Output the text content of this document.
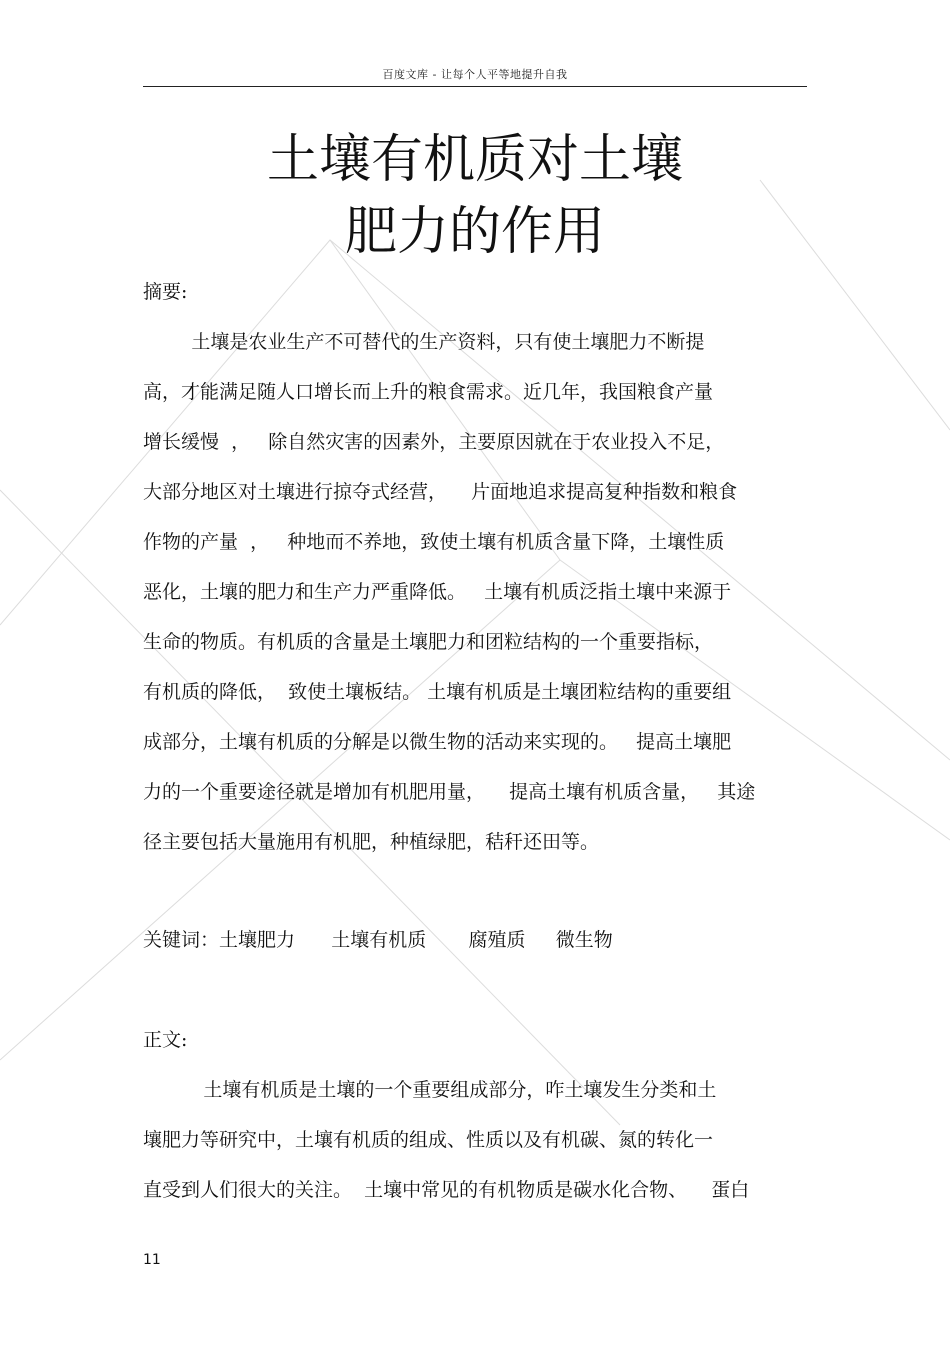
百度文库 - 让每个人平等地提升自我
土壤有机质对土壤
肥力的作用
摘要:
土壤是农业生产不可替代的生产资料，只有使土壤肥力不断提
高，才能满足随人口增长而上升的粮食需求。近几年，我国粮食产量
增长缓慢  ，   除自然灾害的因素外，主要原因就在于农业投入不足，
大部分地区对土壤进行掠夺式经营，    片面地追求提高复种指数和粮食
作物的产量  ，   种地而不养地，致使土壤有机质含量下降，土壤性质
恶化，土壤的肥力和生产力严重降低。   土壤有机质泛指土壤中来源于
生命的物质。有机质的含量是土壤肥力和团粒结构的一个重要指标，
有机质的降低，  致使土壤板结。 土壤有机质是土壤团粒结构的重要组
成部分，土壤有机质的分解是以微生物的活动来实现的。   提高土壤肥
力的一个重要途径就是增加有机肥用量，    提高土壤有机质含量，   其途
径主要包括大量施用有机肥，种植绿肥，秸秆还田等。
关键词：土壤肥力      土壤有机质       腐殖质     微生物
正文:
土壤有机质是土壤的一个重要组成部分，咋土壤发生分类和土
壤肥力等研究中，土壤有机质的组成、性质以及有机碳、氮的转化一
直受到人们很大的关注。  土壤中常见的有机物质是碳水化合物、    蛋白
11
